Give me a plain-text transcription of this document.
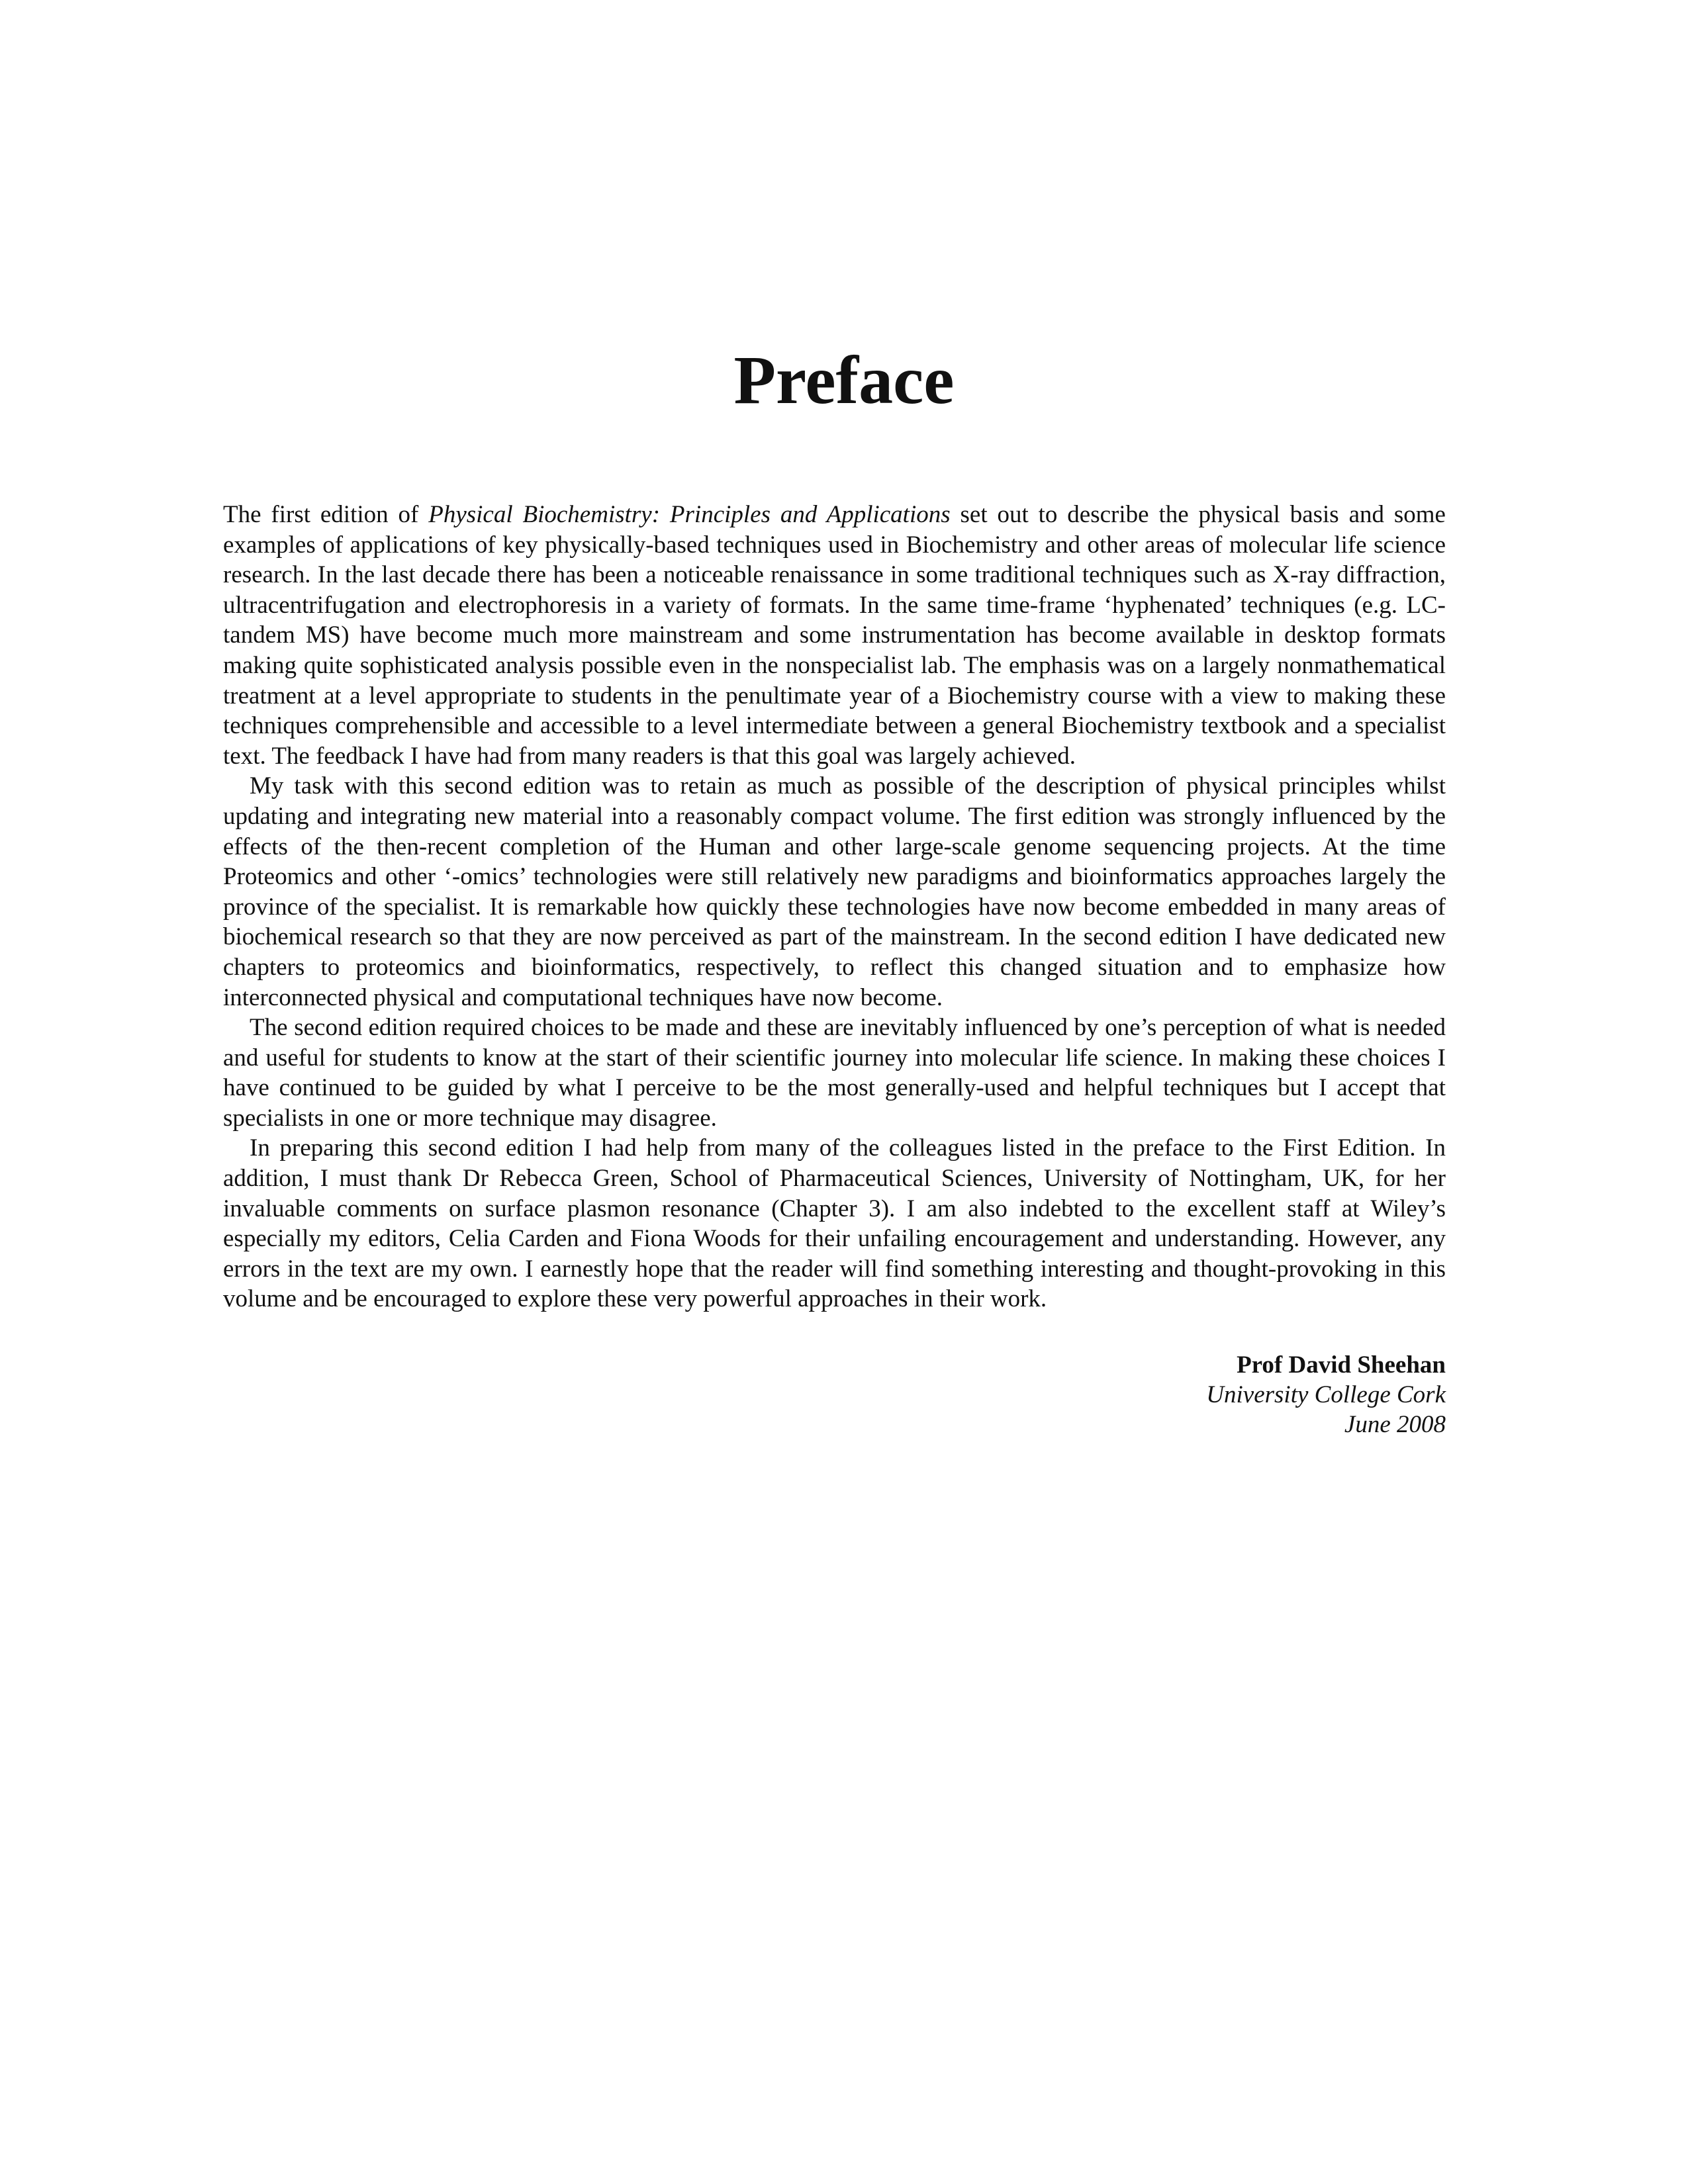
Preface

The first edition of Physical Biochemistry: Principles and Applications set out to describe the physical basis and some examples of applications of key physically-based techniques used in Biochemistry and other areas of molecular life science research. In the last decade there has been a noticeable renaissance in some traditional techniques such as X-ray diffraction, ultracentrifugation and electrophoresis in a variety of formats. In the same time-frame ‘hyphenated’ techniques (e.g. LC-tandem MS) have become much more mainstream and some instrumentation has become available in desktop formats making quite sophisticated analysis possible even in the nonspecialist lab. The emphasis was on a largely nonmathematical treatment at a level appropriate to students in the penultimate year of a Biochemistry course with a view to making these techniques comprehensible and accessible to a level intermediate between a general Biochemistry textbook and a specialist text. The feedback I have had from many readers is that this goal was largely achieved.

My task with this second edition was to retain as much as possible of the description of physical principles whilst updating and integrating new material into a reasonably compact volume. The first edition was strongly influenced by the effects of the then-recent completion of the Human and other large-scale genome sequencing projects. At the time Proteomics and other ‘-omics’ technologies were still relatively new paradigms and bioinformatics approaches largely the province of the specialist. It is remarkable how quickly these technologies have now become embedded in many areas of biochemical research so that they are now perceived as part of the mainstream. In the second edition I have dedicated new chapters to proteomics and bioinformatics, respectively, to reflect this changed situation and to emphasize how interconnected physical and computational techniques have now become.

The second edition required choices to be made and these are inevitably influenced by one’s perception of what is needed and useful for students to know at the start of their scientific journey into molecular life science. In making these choices I have continued to be guided by what I perceive to be the most generally-used and helpful techniques but I accept that specialists in one or more technique may disagree.

In preparing this second edition I had help from many of the colleagues listed in the preface to the First Edition. In addition, I must thank Dr Rebecca Green, School of Pharmaceutical Sciences, University of Nottingham, UK, for her invaluable comments on surface plasmon resonance (Chapter 3). I am also indebted to the excellent staff at Wiley’s especially my editors, Celia Carden and Fiona Woods for their unfailing encouragement and understanding. However, any errors in the text are my own. I earnestly hope that the reader will find something interesting and thought-provoking in this volume and be encouraged to explore these very powerful approaches in their work.

Prof David Sheehan
University College Cork
June 2008
